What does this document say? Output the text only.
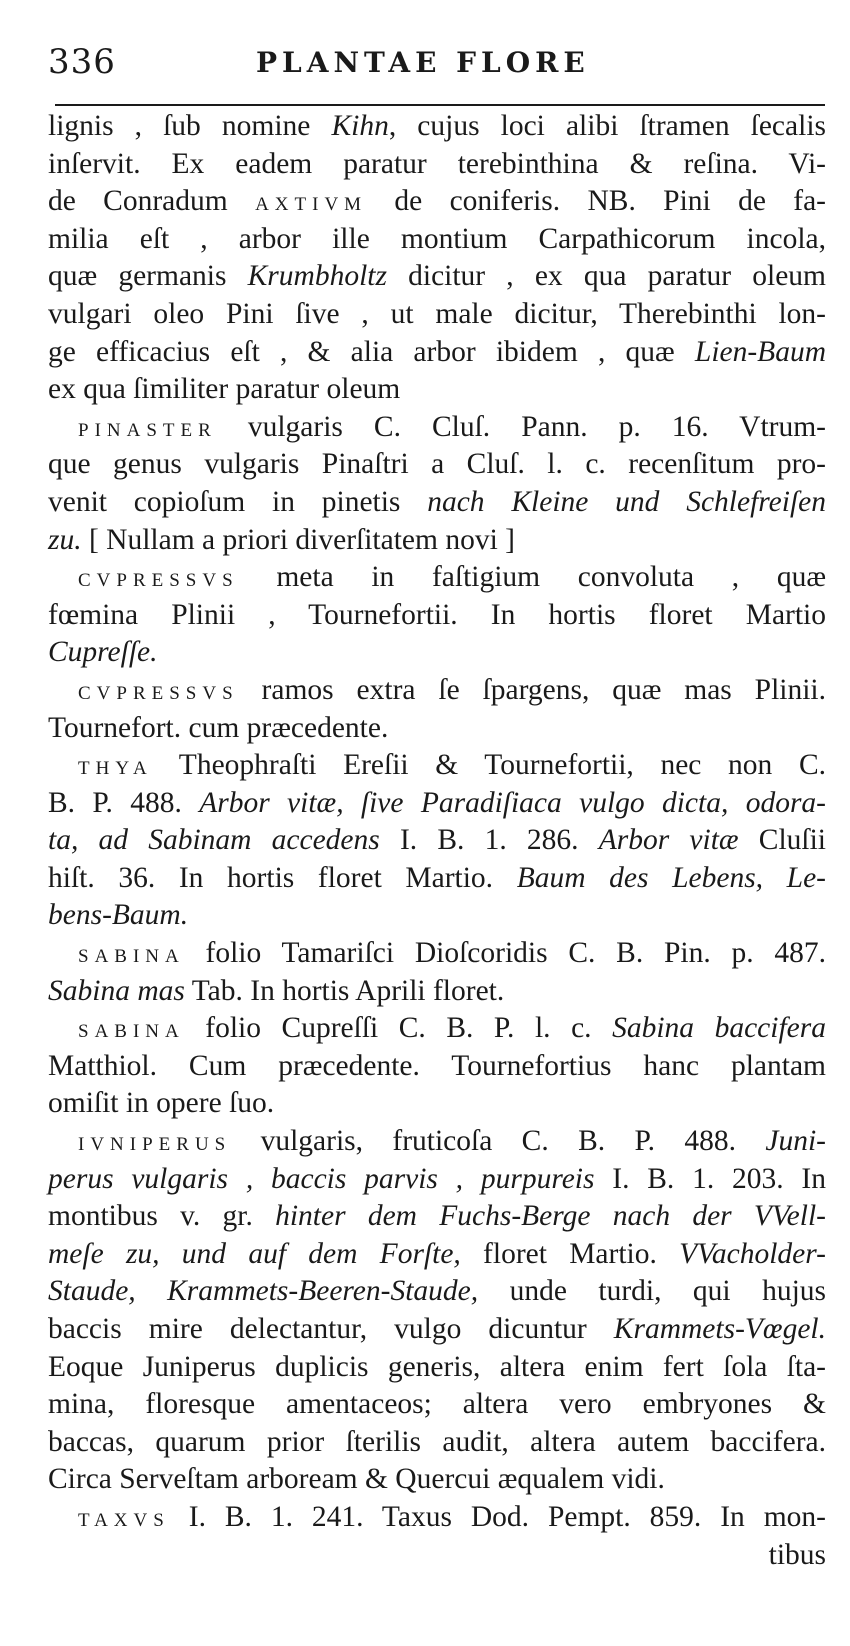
336	PLANTAE FLORE
lignis , ſub nomine Kihn, cujus loci alibi ſtramen ſecalis
inſervit. Ex eadem paratur terebinthina & reſina. Vi-
de Conradum AXTIVM de coniferis. NB. Pini de fa-
milia eſt , arbor ille montium Carpathicorum incola,
quæ germanis Krumbholtz dicitur , ex qua paratur oleum
vulgari oleo Pini ſive , ut male dicitur, Therebinthi lon-
ge efficacius eſt , & alia arbor ibidem , quæ Lien-Baum
ex qua ſimiliter paratur oleum
PINASTER vulgaris C. Cluſ. Pann. p. 16. Vtrum-
que genus vulgaris Pinaſtri a Cluſ. l. c. recenſitum pro-
venit copioſum in pinetis nach Kleine und Schlefreiſen
zu. [ Nullam a priori diverſitatem novi ]
CVPRESSVS meta in faſtigium convoluta , quæ
fœmina Plinii , Tournefortii. In hortis floret Martio
Cupreſſe.
CVPRESSVS ramos extra ſe ſpargens, quæ mas Plinii.
Tournefort. cum præcedente.
THYA Theophraſti Ereſii & Tournefortii, nec non C.
B. P. 488. Arbor vitæ, ſive Paradiſiaca vulgo dicta, odora-
ta, ad Sabinam accedens I. B. 1. 286. Arbor vitæ Cluſii
hiſt. 36. In hortis floret Martio. Baum des Lebens, Le-
bens-Baum.
SABINA folio Tamariſci Dioſcoridis C. B. Pin. p. 487.
Sabina mas Tab. In hortis Aprili floret.
SABINA folio Cupreſſi C. B. P. l. c. Sabina baccifera
Matthiol. Cum præcedente. Tournefortius hanc plantam
omiſit in opere ſuo.
IVNIPERUS vulgaris, fruticoſa C. B. P. 488. Juni-
perus vulgaris , baccis parvis , purpureis I. B. 1. 203. In
montibus v. gr. hinter dem Fuchs-Berge nach der VVell-
meſe zu, und auf dem Forſte, floret Martio. VVacholder-
Staude, Krammets-Beeren-Staude, unde turdi, qui hujus
baccis mire delectantur, vulgo dicuntur Krammets-Vœgel.
Eoque Juniperus duplicis generis, altera enim fert ſola ſta-
mina, floresque amentaceos; altera vero embryones &
baccas, quarum prior ſterilis audit, altera autem baccifera.
Circa Serveſtam arboream & Quercui æqualem vidi.
TAXVS I. B. 1. 241. Taxus Dod. Pempt. 859. In mon-
tibus
